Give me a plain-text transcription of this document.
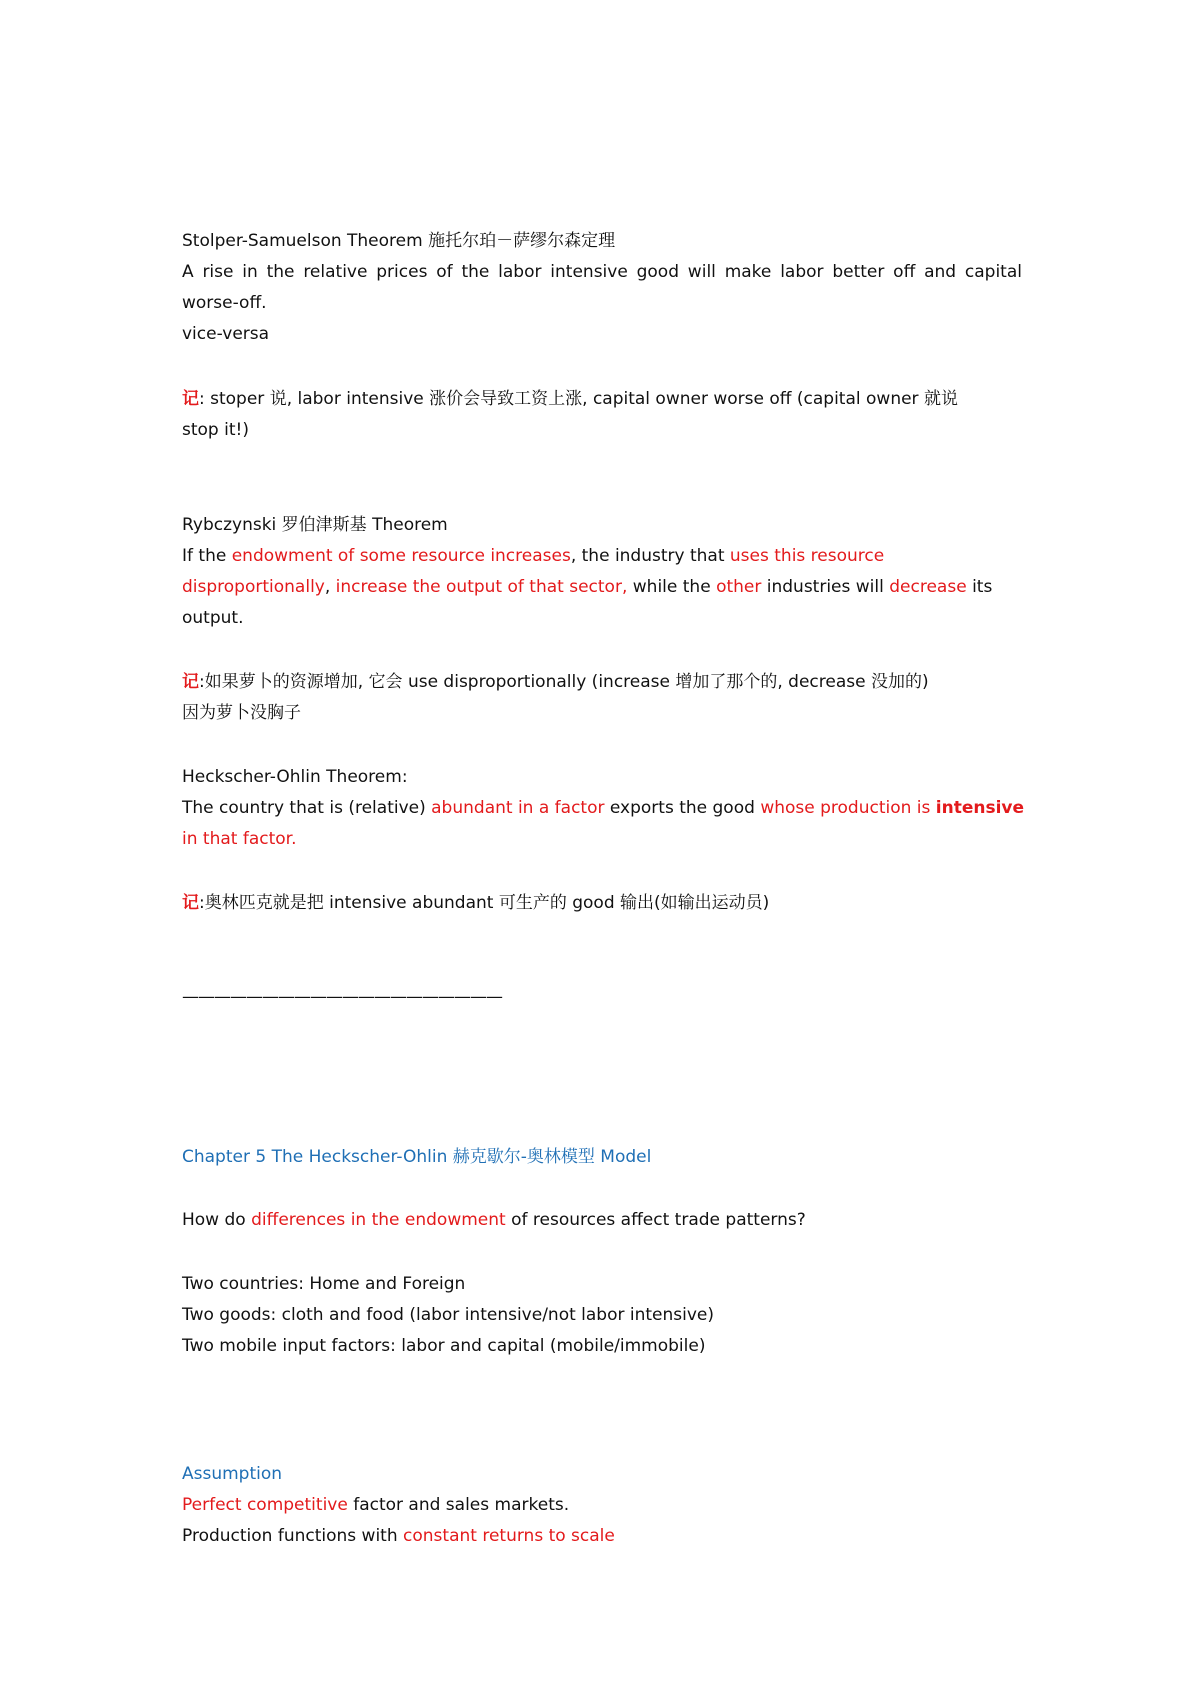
Stolper-Samuelson Theorem 施托尔珀－萨缪尔森定理
A rise in the relative prices of the labor intensive good will make labor better off and capital
worse-off.
vice-versa
记: stoper 说, labor intensive 涨价会导致工资上涨, capital owner worse off (capital owner 就说
stop it!)
Rybczynski 罗伯津斯基 Theorem
If the endowment of some resource increases, the industry that uses this resource
disproportionally, increase the output of that sector, while the other industries will decrease its
output.
记:如果萝卜的资源增加, 它会 use disproportionally (increase 增加了那个的, decrease 没加的)
因为萝卜没胸子
Heckscher-Ohlin Theorem:
The country that is (relative) abundant in a factor exports the good whose production is intensive
in that factor.
记:奥林匹克就是把 intensive abundant 可生产的 good 输出(如输出运动员)
————————————————————
Chapter 5 The Heckscher-Ohlin 赫克歇尔-奥林模型 Model
How do differences in the endowment of resources affect trade patterns?
Two countries: Home and Foreign
Two goods: cloth and food (labor intensive/not labor intensive)
Two mobile input factors: labor and capital (mobile/immobile)
Assumption
Perfect competitive factor and sales markets.
Production functions with constant returns to scale
